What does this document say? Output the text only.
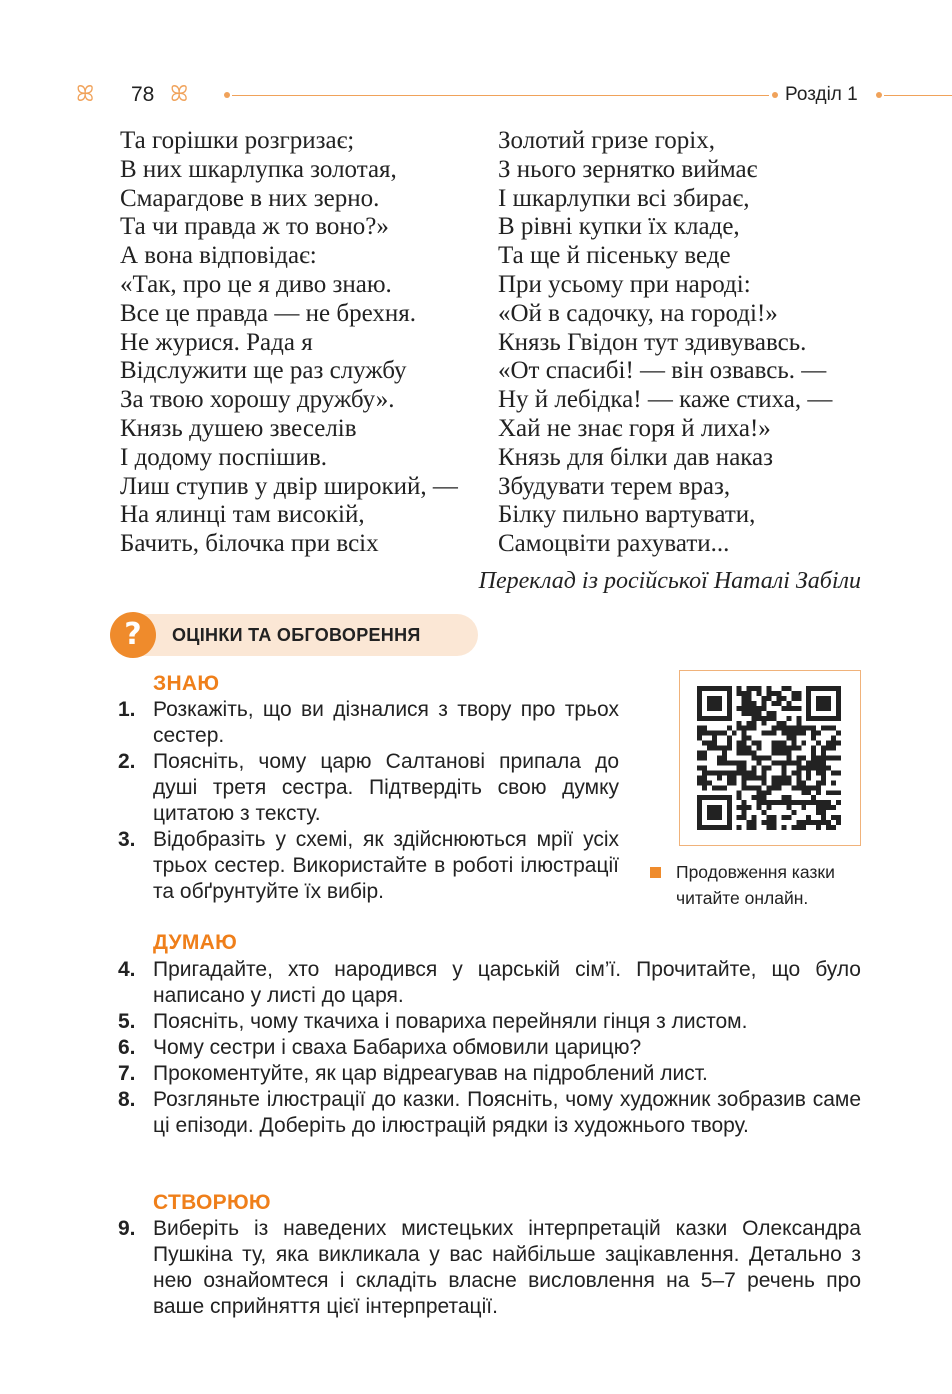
ꕤ 78 ꕤ	Розділ 1
Та горішки розгризає;
В них шкарлупка золотая,
Смарагдове в них зерно.
Та чи правда ж то воно?»
А вона відповідає:
«Так, про це я диво знаю.
Все це правда — не брехня.
Не журися. Рада я
Відслужити ще раз службу
За твою хорошу дружбу».
Князь душею звеселів
І додому поспішив.
Лиш ступив у двір широкий, —
На ялинці там високій,
Бачить, білочка при всіх
Золотий гризе горіх,
З нього зернятко виймає
І шкарлупки всі збирає,
В рівні купки їх кладе,
Та ще й пісеньку веде
При усьому при народі:
«Ой в садочку, на городі!»
Князь Гвідон тут здивувавсь.
«От спасибі! — він озвавсь. —
Ну й лебідка! — каже стиха, —
Хай не знає горя й лиха!»
Князь для білки дав наказ
Збудувати терем враз,
Білку пильно вартувати,
Самоцвіти рахувати...
Переклад із російської Наталі Забіли
?	ОЦІНКИ ТА ОБГОВОРЕННЯ
ЗНАЮ
1. Розкажіть, що ви дізналися з твору про трьох сестер.
2. Поясніть, чому царю Салтанові припала до душі третя сестра. Підтвердіть свою думку цитатою з тексту.
3. Відобразіть у схемі, як здійснюються мрії усіх трьох сестер. Використайте в роботі ілюстрації та обґрунтуйте їх вибір.
Продовження казки
читайте онлайн.
ДУМАЮ
4. Пригадайте, хто народився у царській сім’ї. Прочитайте, що було написано у листі до царя.
5. Поясніть, чому ткачиха і повариха перейняли гінця з листом.
6. Чому сестри і сваха Бабариха обмовили царицю?
7. Прокоментуйте, як цар відреагував на підроблений лист.
8. Розгляньте ілюстрації до казки. Поясніть, чому художник зобразив саме ці епізоди. Доберіть до ілюстрацій рядки із художнього твору.
СТВОРЮЮ
9. Виберіть із наведених мистецьких інтерпретацій казки Олександра Пушкіна ту, яка викликала у вас найбільше зацікавлення. Детально з нею ознайомтеся і складіть власне висловлення на 5–7 речень про ваше сприйняття цієї інтерпретації.
